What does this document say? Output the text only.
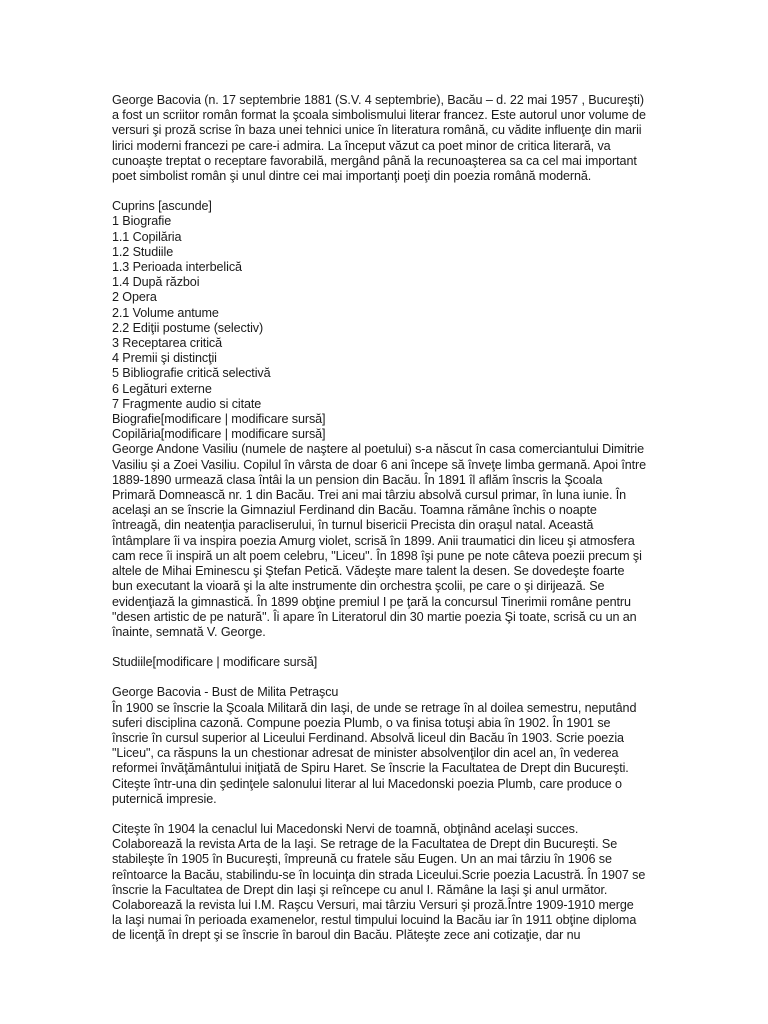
George Bacovia (n. 17 septembrie 1881 (S.V. 4 septembrie), Bacău – d. 22 mai 1957 , Bucureşti)
a fost un scriitor român format la şcoala simbolismului literar francez. Este autorul unor volume de
versuri şi proză scrise în baza unei tehnici unice în literatura română, cu vădite influenţe din marii
lirici moderni francezi pe care-i admira. La început văzut ca poet minor de critica literară, va
cunoaşte treptat o receptare favorabilă, mergând până la recunoaşterea sa ca cel mai important
poet simbolist român şi unul dintre cei mai importanţi poeţi din poezia română modernă.

Cuprins [ascunde]
1 Biografie
1.1 Copilăria
1.2 Studiile
1.3 Perioada interbelică
1.4 După război
2 Opera
2.1 Volume antume
2.2 Ediţii postume (selectiv)
3 Receptarea critică
4 Premii şi distincţii
5 Bibliografie critică selectivă
6 Legături externe
7 Fragmente audio si citate
Biografie[modificare | modificare sursă]
Copilăria[modificare | modificare sursă]

George Andone Vasiliu (numele de naştere al poetului) s-a născut în casa comerciantului Dimitrie
Vasiliu şi a Zoei Vasiliu. Copilul în vârsta de doar 6 ani începe să înveţe limba germană. Apoi între
1889-1890 urmează clasa întâi la un pension din Bacău. În 1891 îl aflăm înscris la Şcoala
Primară Domnească nr. 1 din Bacău. Trei ani mai târziu absolvă cursul primar, în luna iunie. În
acelaşi an se înscrie la Gimnaziul Ferdinand din Bacău. Toamna rămâne închis o noapte
întreagă, din neatenţia paracliserului, în turnul bisericii Precista din oraşul natal. Această
întâmplare îi va inspira poezia Amurg violet, scrisă în 1899. Anii traumatici din liceu şi atmosfera
cam rece îi inspiră un alt poem celebru, "Liceu". În 1898 îşi pune pe note câteva poezii precum şi
altele de Mihai Eminescu şi Ştefan Petică. Vădeşte mare talent la desen. Se dovedeşte foarte
bun executant la vioară şi la alte instrumente din orchestra şcolii, pe care o şi dirijează. Se
evidenţiază la gimnastică. În 1899 obţine premiul I pe ţară la concursul Tinerimii române pentru
"desen artistic de pe natură". Îi apare în Literatorul din 30 martie poezia Şi toate, scrisă cu un an
înainte, semnată V. George.

Studiile[modificare | modificare sursă]
George Bacovia - Bust de Milita Petraşcu

În 1900 se înscrie la Şcoala Militară din Iaşi, de unde se retrage în al doilea semestru, neputând
suferi disciplina cazonă. Compune poezia Plumb, o va finisa totuşi abia în 1902. În 1901 se
înscrie în cursul superior al Liceului Ferdinand. Absolvă liceul din Bacău în 1903. Scrie poezia
"Liceu", ca răspuns la un chestionar adresat de minister absolvenţilor din acel an, în vederea
reformei învăţământului iniţiată de Spiru Haret. Se înscrie la Facultatea de Drept din Bucureşti.
Citeşte într-una din şedinţele salonului literar al lui Macedonski poezia Plumb, care produce o
puternică impresie.

Citeşte în 1904 la cenaclul lui Macedonski Nervi de toamnă, obţinând acelaşi succes.
Colaborează la revista Arta de la Iaşi. Se retrage de la Facultatea de Drept din Bucureşti. Se
stabileşte în 1905 în Bucureşti, împreună cu fratele său Eugen. Un an mai târziu în 1906 se
reîntoarce la Bacău, stabilindu-se în locuinţa din strada Liceului.Scrie poezia Lacustră. În 1907 se
înscrie la Facultatea de Drept din Iaşi şi reîncepe cu anul I. Rămâne la Iaşi şi anul următor.
Colaborează la revista lui I.M. Raşcu Versuri, mai târziu Versuri şi proză.Între 1909-1910 merge
la Iaşi numai în perioada examenelor, restul timpului locuind la Bacău iar în 1911 obţine diploma
de licenţă în drept şi se înscrie în baroul din Bacău. Plăteşte zece ani cotizaţie, dar nu
